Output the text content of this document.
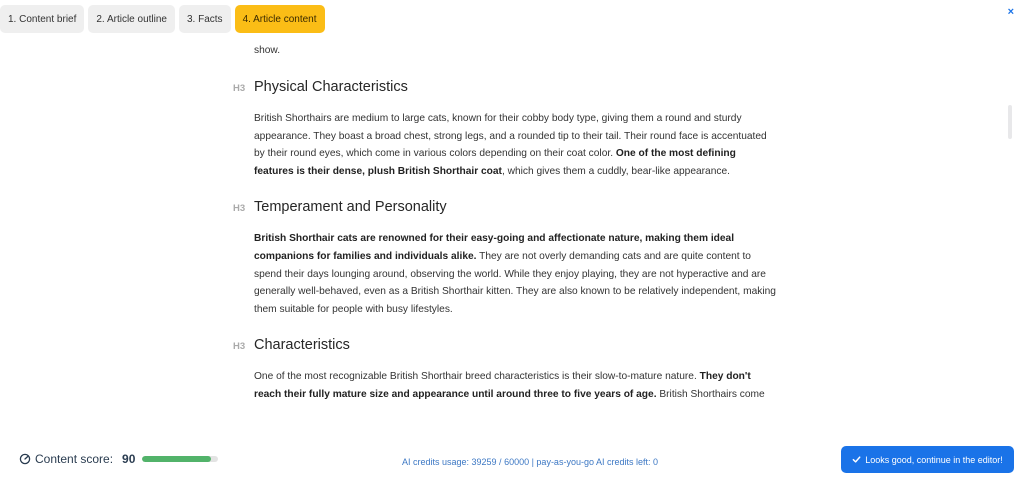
1. Content brief	2. Article outline	3. Facts	4. Article content
×

show.

H3 Physical Characteristics

British Shorthairs are medium to large cats, known for their cobby body type, giving them a round and sturdy appearance. They boast a broad chest, strong legs, and a rounded tip to their tail. Their round face is accentuated by their round eyes, which come in various colors depending on their coat color. One of the most defining features is their dense, plush British Shorthair coat, which gives them a cuddly, bear-like appearance.

H3 Temperament and Personality

British Shorthair cats are renowned for their easy-going and affectionate nature, making them ideal companions for families and individuals alike. They are not overly demanding cats and are quite content to spend their days lounging around, observing the world. While they enjoy playing, they are not hyperactive and are generally well-behaved, even as a British Shorthair kitten. They are also known to be relatively independent, making them suitable for people with busy lifestyles.

H3 Characteristics

One of the most recognizable British Shorthair breed characteristics is their slow-to-mature nature. They don't reach their fully mature size and appearance until around three to five years of age. British Shorthairs come

Content score: 90	AI credits usage: 39259 / 60000 | pay-as-you-go AI credits left: 0	Looks good, continue in the editor!
